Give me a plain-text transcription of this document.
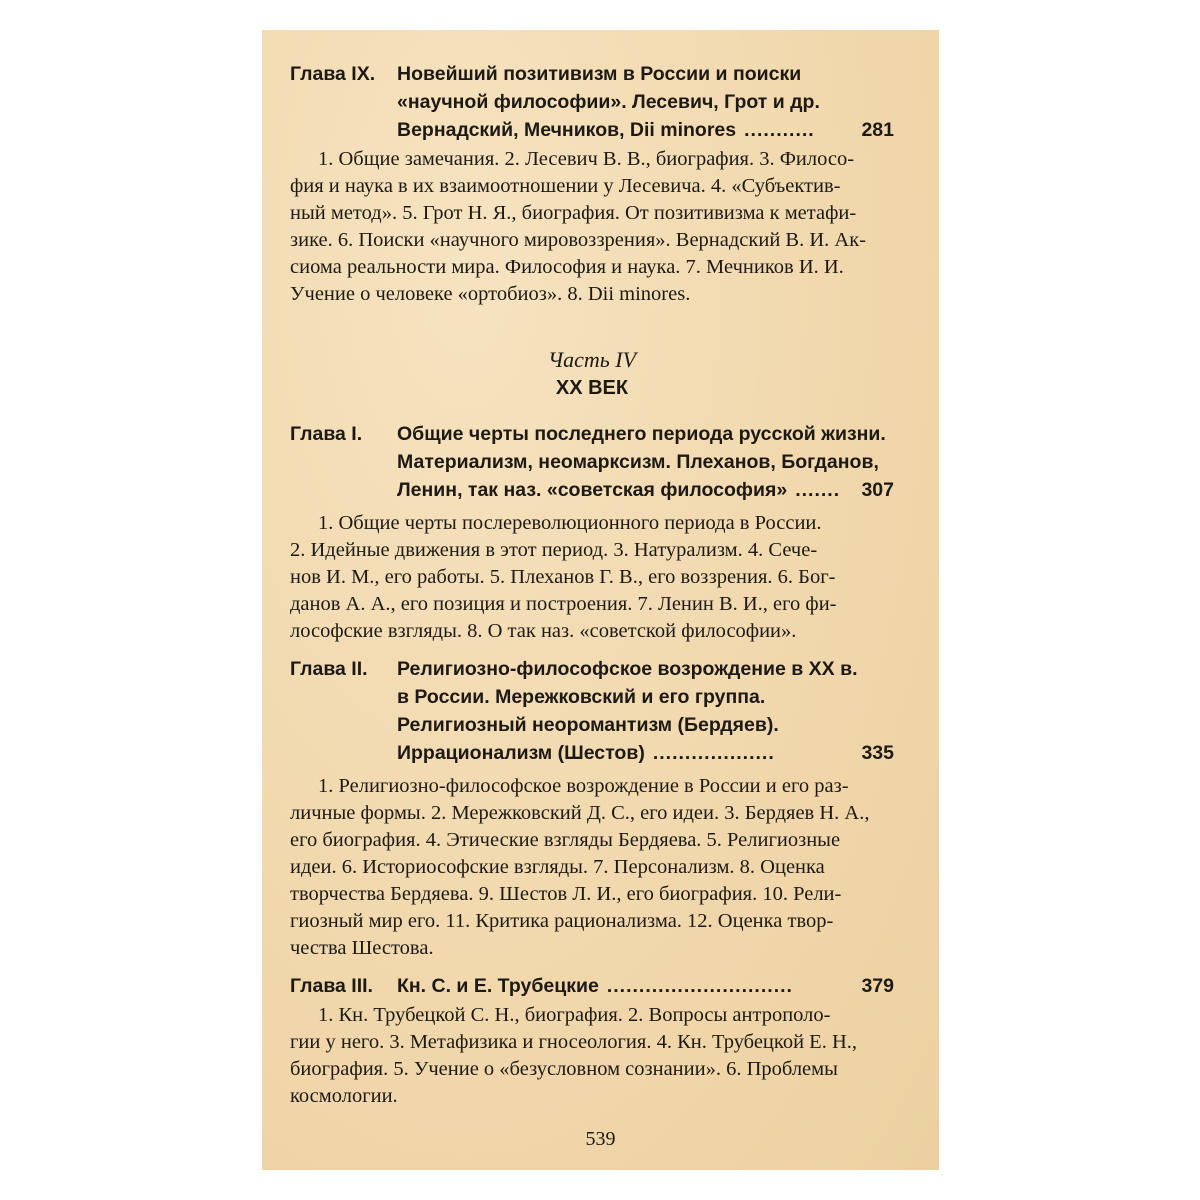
Глава IX.	Новейший позитивизм в России и поиски
«научной философии». Лесевич, Грот и др.
Вернадский, Мечников, Dii minores ...........	281
1. Общие замечания. 2. Лесевич В. В., биография. 3. Филосо-
фия и наука в их взаимоотношении у Лесевича. 4. «Субъектив-
ный метод». 5. Грот Н. Я., биография. От позитивизма к метафи-
зике. 6. Поиски «научного мировоззрения». Вернадский В. И. Ак-
сиома реальности мира. Философия и наука. 7. Мечников И. И.
Учение о человеке «ортобиоз». 8. Dii minores.
Часть IV
XX ВЕК
Глава I.	Общие черты последнего периода русской жизни.
Материализм, неомарксизм. Плеханов, Богданов,
Ленин, так наз. «советская философия» .......	307
1. Общие черты послереволюционного периода в России.
2. Идейные движения в этот период. 3. Натурализм. 4. Сече-
нов И. М., его работы. 5. Плеханов Г. В., его воззрения. 6. Бог-
данов А. А., его позиция и построения. 7. Ленин В. И., его фи-
лософские взгляды. 8. О так наз. «советской философии».
Глава II.	Религиозно-философское возрождение в XX в.
в России. Мережковский и его группа.
Религиозный неоромантизм (Бердяев).
Иррационализм (Шестов) ...................	335
1. Религиозно-философское возрождение в России и его раз-
личные формы. 2. Мережковский Д. С., его идеи. 3. Бердяев Н. А.,
его биография. 4. Этические взгляды Бердяева. 5. Религиозные
идеи. 6. Историософские взгляды. 7. Персонализм. 8. Оценка
творчества Бердяева. 9. Шестов Л. И., его биография. 10. Рели-
гиозный мир его. 11. Критика рационализма. 12. Оценка твор-
чества Шестова.
Глава III.	Кн. С. и Е. Трубецкие .............................	379
1. Кн. Трубецкой С. Н., биография. 2. Вопросы антрополо-
гии у него. 3. Метафизика и гносеология. 4. Кн. Трубецкой Е. Н.,
биография. 5. Учение о «безусловном сознании». 6. Проблемы
космологии.
539
